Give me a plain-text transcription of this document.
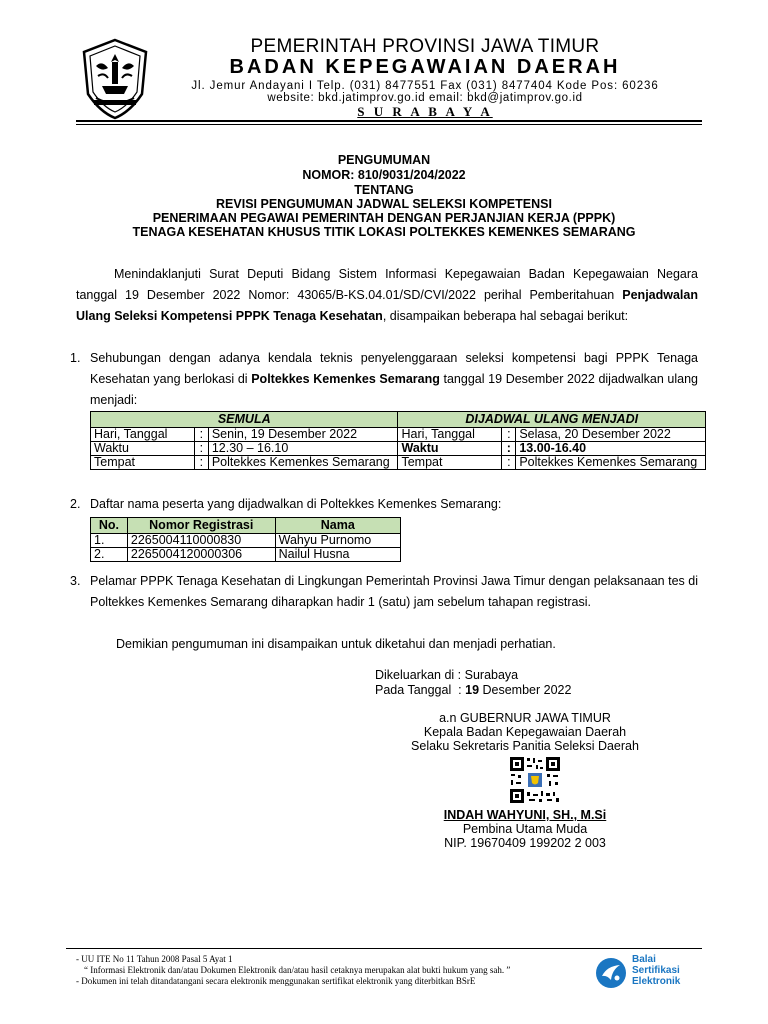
PEMERINTAH PROVINSI JAWA TIMUR
BADAN KEPEGAWAIAN DAERAH
Jl. Jemur Andayani I Telp. (031) 8477551 Fax (031) 8477404 Kode Pos: 60236
website: bkd.jatimprov.go.id email: bkd@jatimprov.go.id
S U R A B A Y A
PENGUMUMAN
NOMOR: 810/9031/204/2022
TENTANG
REVISI PENGUMUMAN JADWAL SELEKSI KOMPETENSI
PENERIMAAN PEGAWAI PEMERINTAH DENGAN PERJANJIAN KERJA (PPPK)
TENAGA KESEHATAN KHUSUS TITIK LOKASI POLTEKKES KEMENKES SEMARANG
Menindaklanjuti Surat Deputi Bidang Sistem Informasi Kepegawaian Badan Kepegawaian Negara tanggal 19 Desember 2022 Nomor: 43065/B-KS.04.01/SD/CVI/2022 perihal Pemberitahuan Penjadwalan Ulang Seleksi Kompetensi PPPK Tenaga Kesehatan, disampaikan beberapa hal sebagai berikut:
1. Sehubungan dengan adanya kendala teknis penyelenggaraan seleksi kompetensi bagi PPPK Tenaga Kesehatan yang berlokasi di Poltekkes Kemenkes Semarang tanggal 19 Desember 2022 dijadwalkan ulang menjadi:
SEMULA			DIJADWAL ULANG MENJADI		
Hari, Tanggal	:	Senin, 19 Desember 2022	Hari, Tanggal	:	Selasa, 20 Desember 2022
Waktu	:	12.30 – 16.10	Waktu	:	13.00-16.40
Tempat	:	Poltekkes Kemenkes Semarang	Tempat	:	Poltekkes Kemenkes Semarang
2. Daftar nama peserta yang dijadwalkan di Poltekkes Kemenkes Semarang:
No.	Nomor Registrasi	Nama
1.	2265004110000830	Wahyu Purnomo
2.	2265004120000306	Nailul Husna
3. Pelamar PPPK Tenaga Kesehatan di Lingkungan Pemerintah Provinsi Jawa Timur dengan pelaksanaan tes di Poltekkes Kemenkes Semarang diharapkan hadir 1 (satu) jam sebelum tahapan registrasi.
Demikian pengumuman ini disampaikan untuk diketahui dan menjadi perhatian.
Dikeluarkan di : Surabaya
Pada Tanggal  : 19 Desember 2022
a.n GUBERNUR JAWA TIMUR
Kepala Badan Kepegawaian Daerah
Selaku Sekretaris Panitia Seleksi Daerah
INDAH WAHYUNI, SH., M.Si
Pembina Utama Muda
NIP. 19670409 199202 2 003
- UU ITE No 11 Tahun 2008 Pasal 5 Ayat 1
“ Informasi Elektronik dan/atau Dokumen Elektronik dan/atau hasil cetaknya merupakan alat bukti hukum yang sah. ”
- Dokumen ini telah ditandatangani secara elektronik menggunakan sertifikat elektronik yang diterbitkan BSrE
Balai
Sertifikasi
Elektronik
